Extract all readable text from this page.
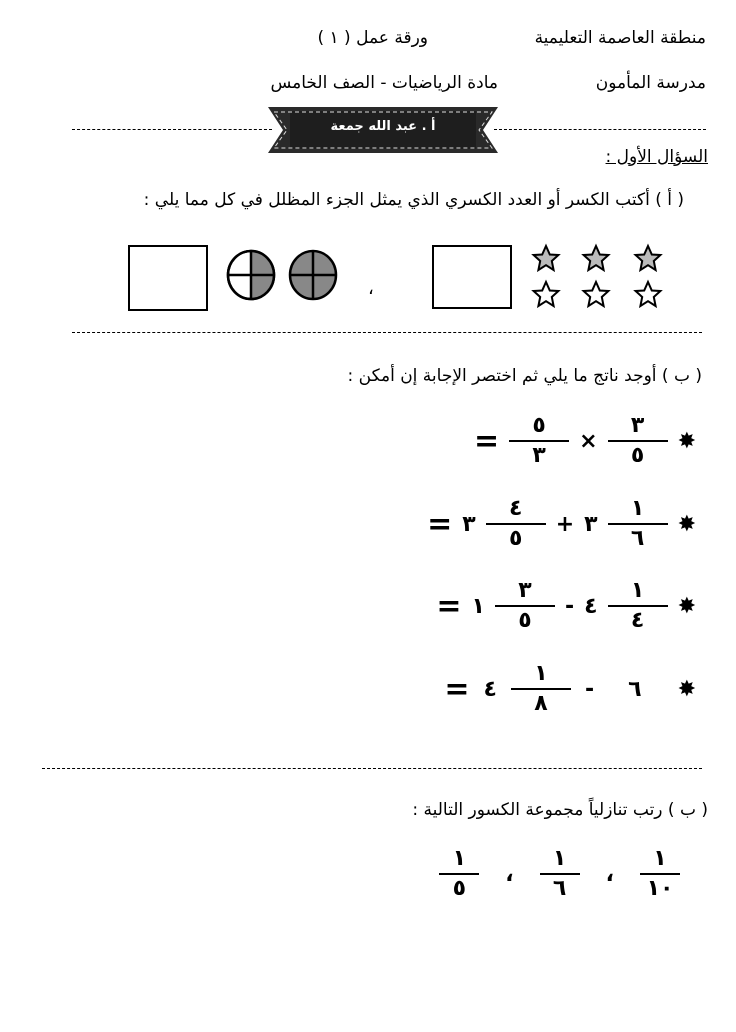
منطقة العاصمة التعليمية
ورقة عمل ( ١ )
مدرسة المأمون
مادة الرياضيات - الصف الخامس
أ . عبد الله جمعة
السؤال الأول :
( أ ) أكتب الكسر أو العدد الكسري الذي يمثل الجزء المظلل في كل مما يلي :
،
( ب ) أوجد ناتج ما يلي ثم اختصر الإجابة إن أمكن :
✸
$\frac{٣}{٥}$
×
$\frac{٥}{٣}$
=
✸
$\frac{١}{٦}$
٣
+
$\frac{٤}{٥}$
٣
=
✸
$\frac{١}{٤}$
٤
-
$\frac{٣}{٥}$
١
=
✸
٦
-
$\frac{١}{٨}$
٤
=
( ب ) رتب تنازلياً مجموعة الكسور التالية :
$\frac{١}{١٠}$
،
$\frac{١}{٦}$
،
$\frac{١}{٥}$
